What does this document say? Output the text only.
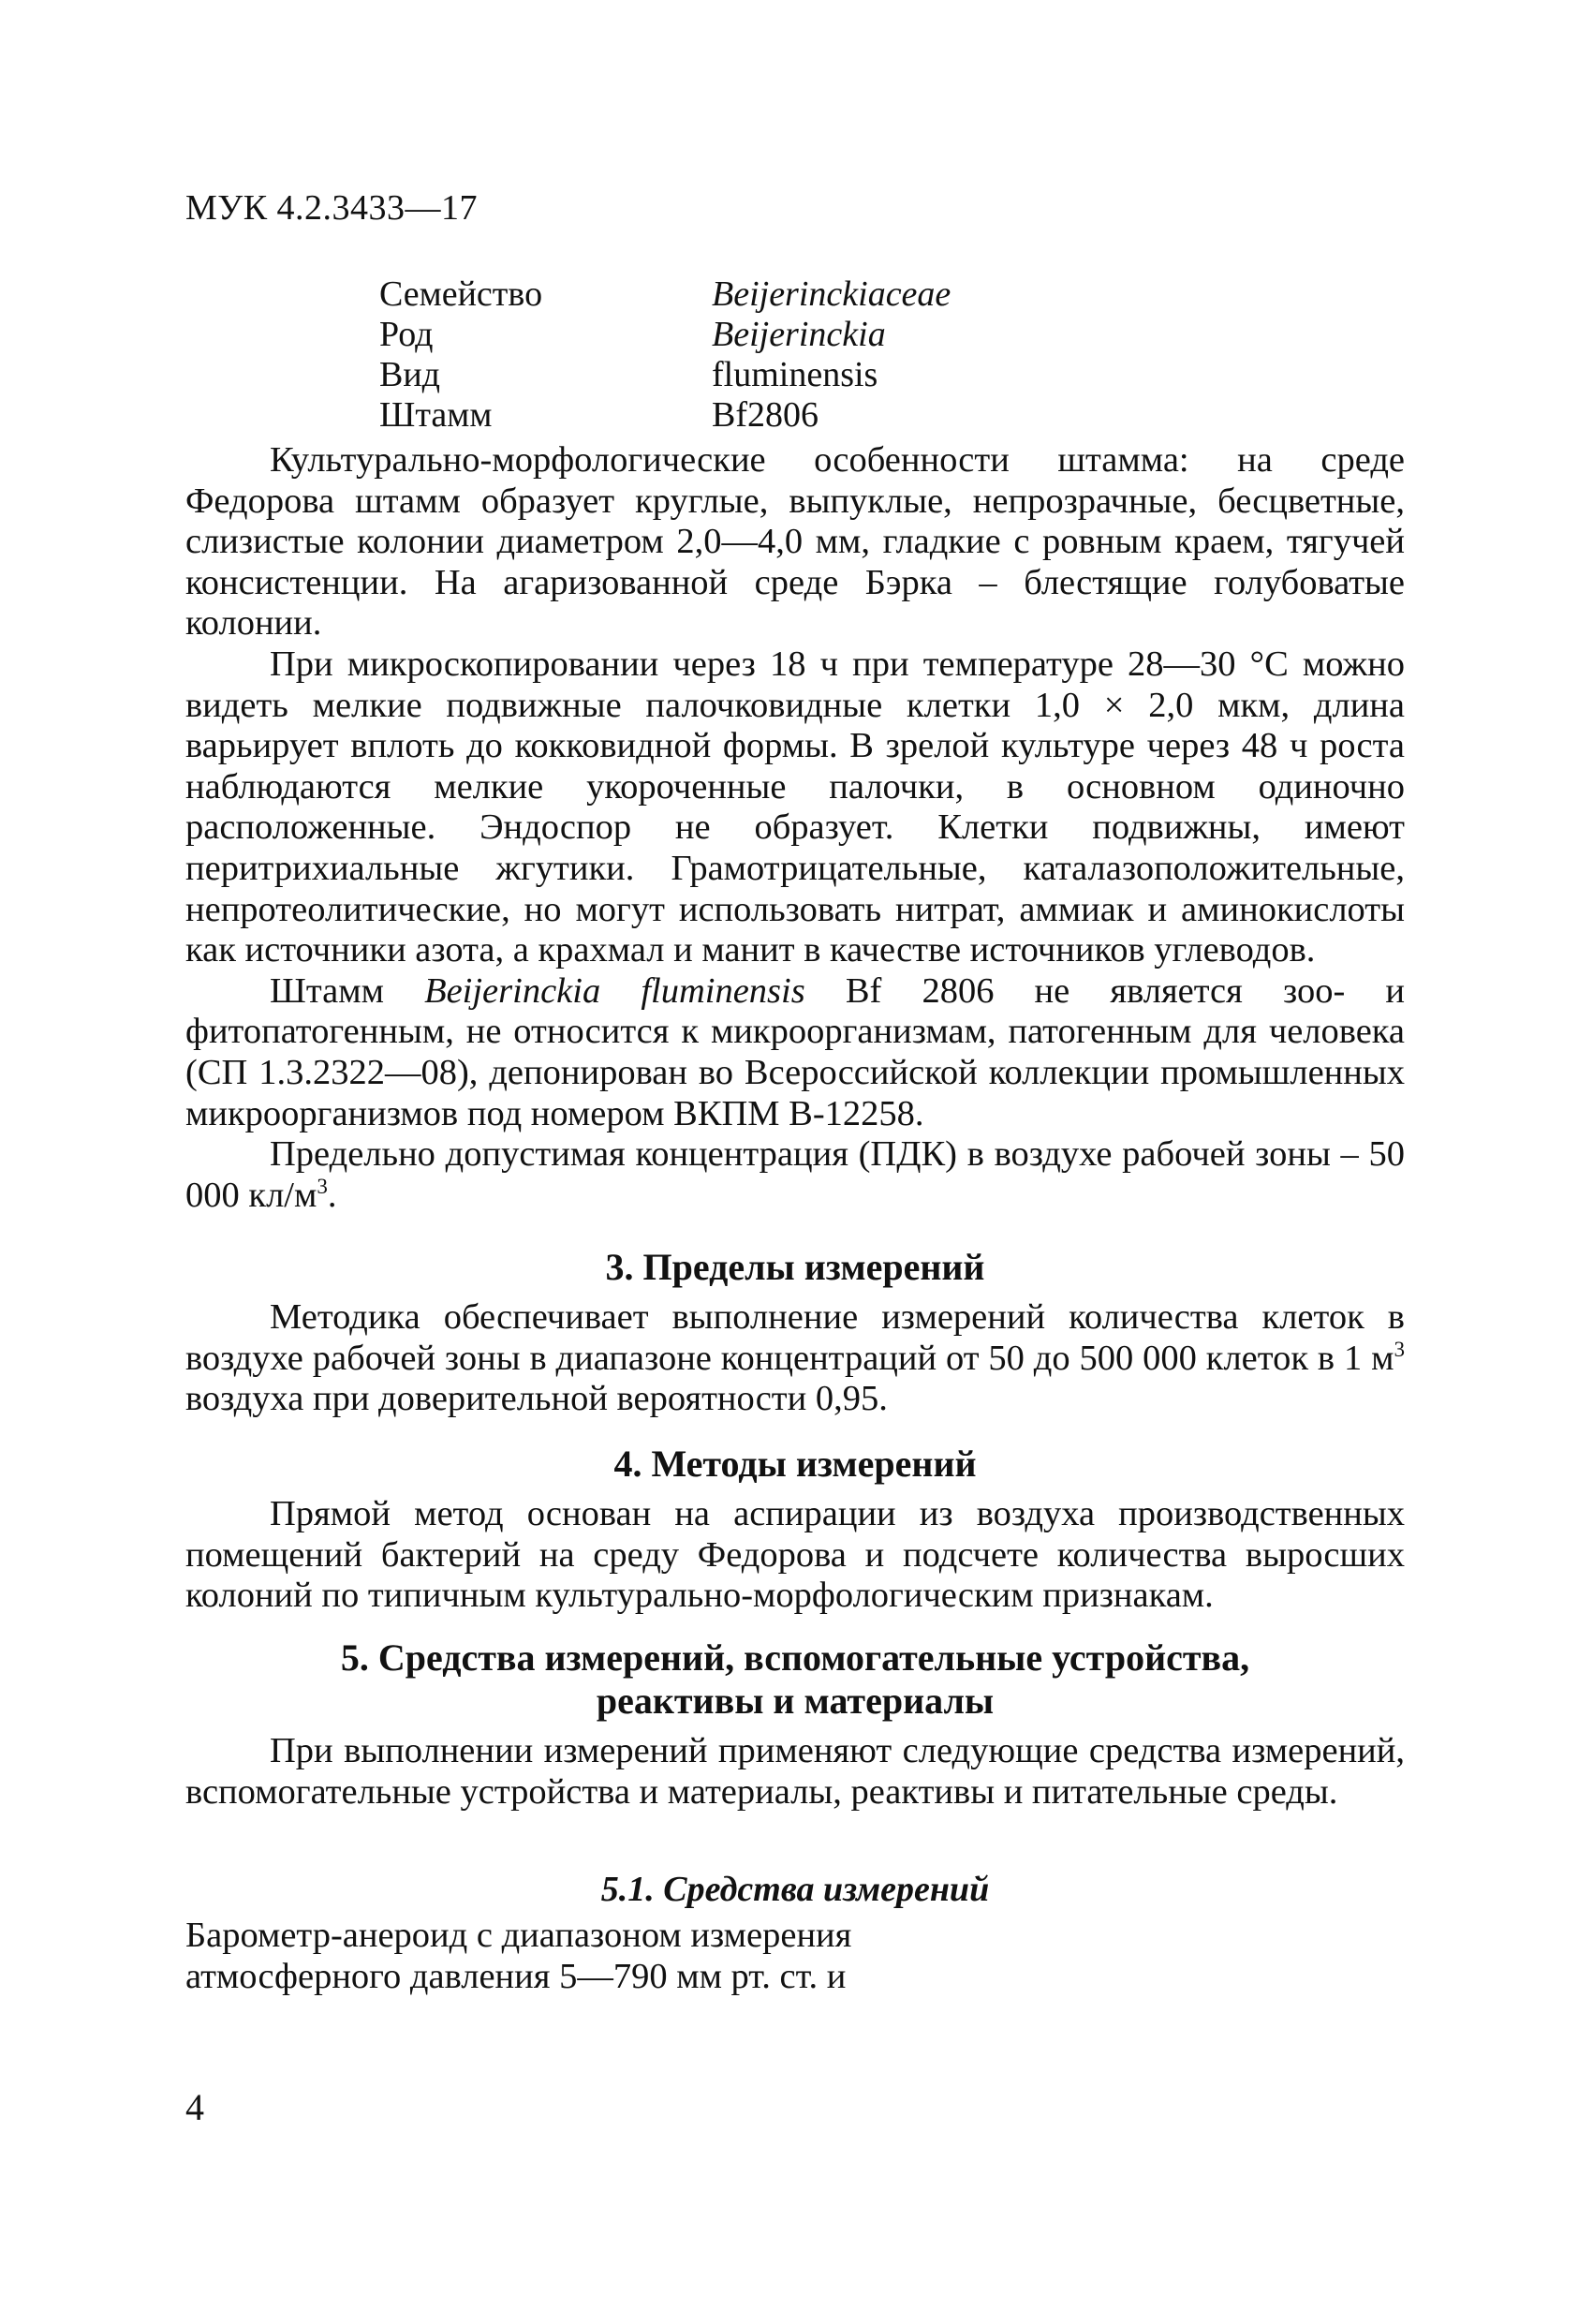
МУК 4.2.3433—17
Семейство	Beijerinckiaceae
Род	Beijerinckia
Вид	fluminensis
Штамм	Bf2806

Культурально-морфологические особенности штамма: на среде Федорова штамм образует круглые, выпуклые, непрозрачные, бесцветные, слизистые колонии диаметром 2,0—4,0 мм, гладкие с ровным краем, тягучей консистенции. На агаризованной среде Бэрка – блестящие голубоватые колонии.

При микроскопировании через 18 ч при температуре 28—30 °С можно видеть мелкие подвижные палочковидные клетки 1,0 × 2,0 мкм, длина варьирует вплоть до кокковидной формы. В зрелой культуре через 48 ч роста наблюдаются мелкие укороченные палочки, в основном одиночно расположенные. Эндоспор не образует. Клетки подвижны, имеют перитрихиальные жгутики. Грамотрицательные, каталазоположительные, непротеолитические, но могут использовать нитрат, аммиак и аминокислоты как источники азота, а крахмал и манит в качестве источников углеводов.

Штамм Beijerinckia fluminensis Bf 2806 не является зоо- и фитопатогенным, не относится к микроорганизмам, патогенным для человека (СП 1.3.2322—08), депонирован во Всероссийской коллекции промышленных микроорганизмов под номером ВКПМ В-12258.

Предельно допустимая концентрация (ПДК) в воздухе рабочей зоны – 50 000 $кл/м^3$.

3. Пределы измерений

Методика обеспечивает выполнение измерений количества клеток в воздухе рабочей зоны в диапазоне концентраций от 50 до 500 000 клеток в 1 $м^3$ воздуха при доверительной вероятности 0,95.

4. Методы измерений

Прямой метод основан на аспирации из воздуха производственных помещений бактерий на среду Федорова и подсчете количества выросших колоний по типичным культурально-морфологическим признакам.

5. Средства измерений, вспомогательные устройства,
реактивы и материалы

При выполнении измерений применяют следующие средства измерений, вспомогательные устройства и материалы, реактивы и питательные среды.

5.1. Средства измерений

Барометр-анероид с диапазоном измерения

атмосферного давления 5—790 мм рт. ст. и

4
